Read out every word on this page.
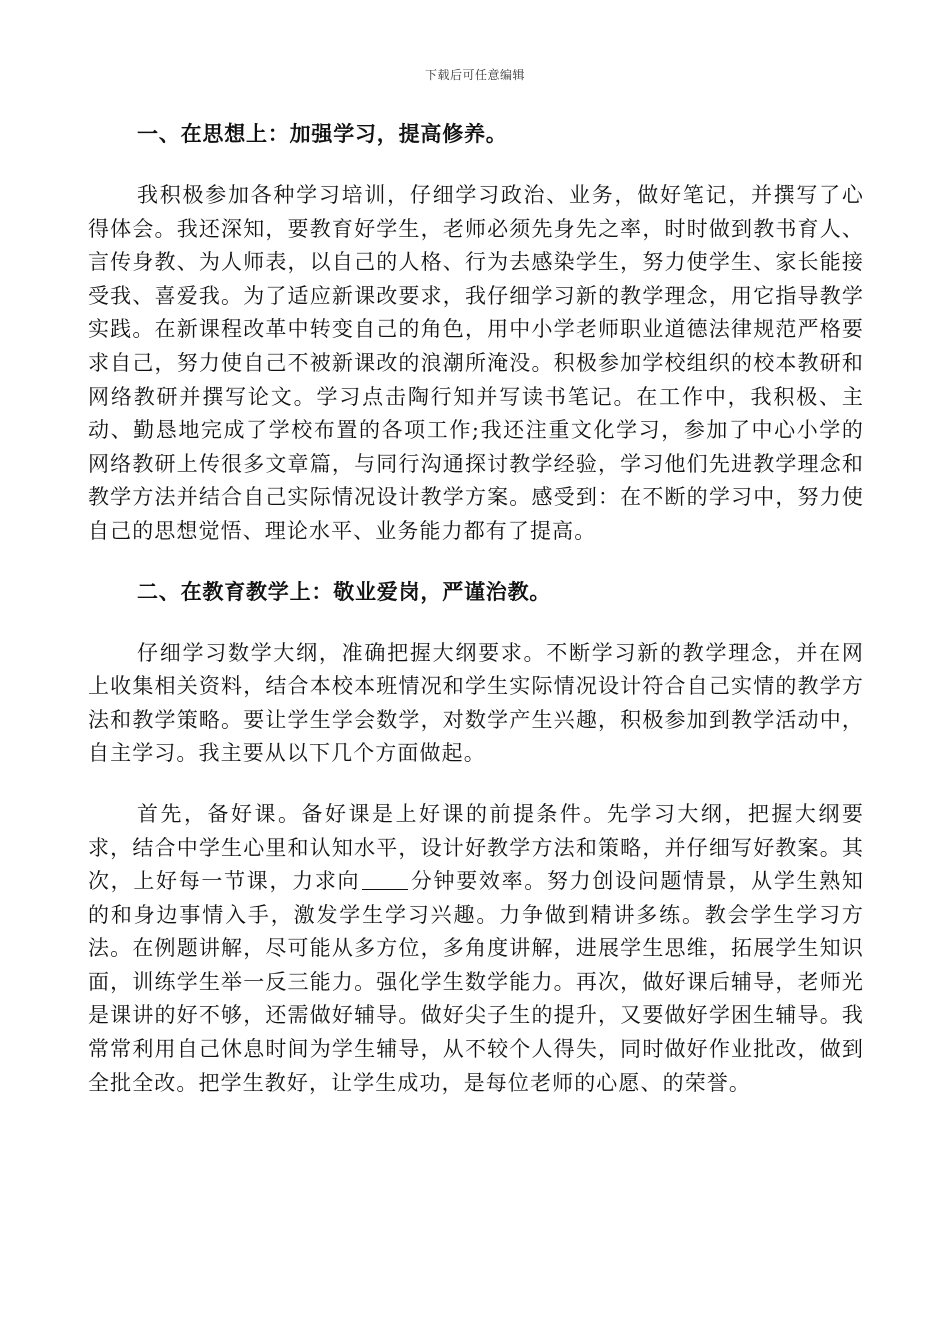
下载后可任意编辑
一、在思想上：加强学习，提高修养。

我积极参加各种学习培训，仔细学习政治、业务，做好笔记，并撰写了心得体会。我还深知，要教育好学生，老师必须先身先之率，时时做到教书育人、言传身教、为人师表，以自己的人格、行为去感染学生，努力使学生、家长能接受我、喜爱我。为了适应新课改要求，我仔细学习新的教学理念，用它指导教学实践。在新课程改革中转变自己的角色，用中小学老师职业道德法律规范严格要求自己，努力使自己不被新课改的浪潮所淹没。积极参加学校组织的校本教研和网络教研并撰写论文。学习点击陶行知并写读书笔记。在工作中，我积极、主动、勤恳地完成了学校布置的各项工作;我还注重文化学习，参加了中心小学的网络教研上传很多文章篇，与同行沟通探讨教学经验，学习他们先进教学理念和教学方法并结合自己实际情况设计教学方案。感受到：在不断的学习中，努力使自己的思想觉悟、理论水平、业务能力都有了提高。

二、在教育教学上：敬业爱岗，严谨治教。

仔细学习数学大纲，准确把握大纲要求。不断学习新的教学理念，并在网上收集相关资料，结合本校本班情况和学生实际情况设计符合自己实情的教学方法和教学策略。要让学生学会数学，对数学产生兴趣，积极参加到教学活动中，自主学习。我主要从以下几个方面做起。

首先，备好课。备好课是上好课的前提条件。先学习大纲，把握大纲要求，结合中学生心里和认知水平，设计好教学方法和策略，并仔细写好教案。其次，上好每一节课，力求向 分钟要效率。努力创设问题情景，从学生熟知的和身边事情入手，激发学生学习兴趣。力争做到精讲多练。教会学生学习方法。在例题讲解，尽可能从多方位，多角度讲解，进展学生思维，拓展学生知识面，训练学生举一反三能力。强化学生数学能力。再次，做好课后辅导，老师光是课讲的好不够，还需做好辅导。做好尖子生的提升，又要做好学困生辅导。我常常利用自己休息时间为学生辅导，从不较个人得失，同时做好作业批改，做到全批全改。把学生教好，让学生成功，是每位老师的心愿、的荣誉。
